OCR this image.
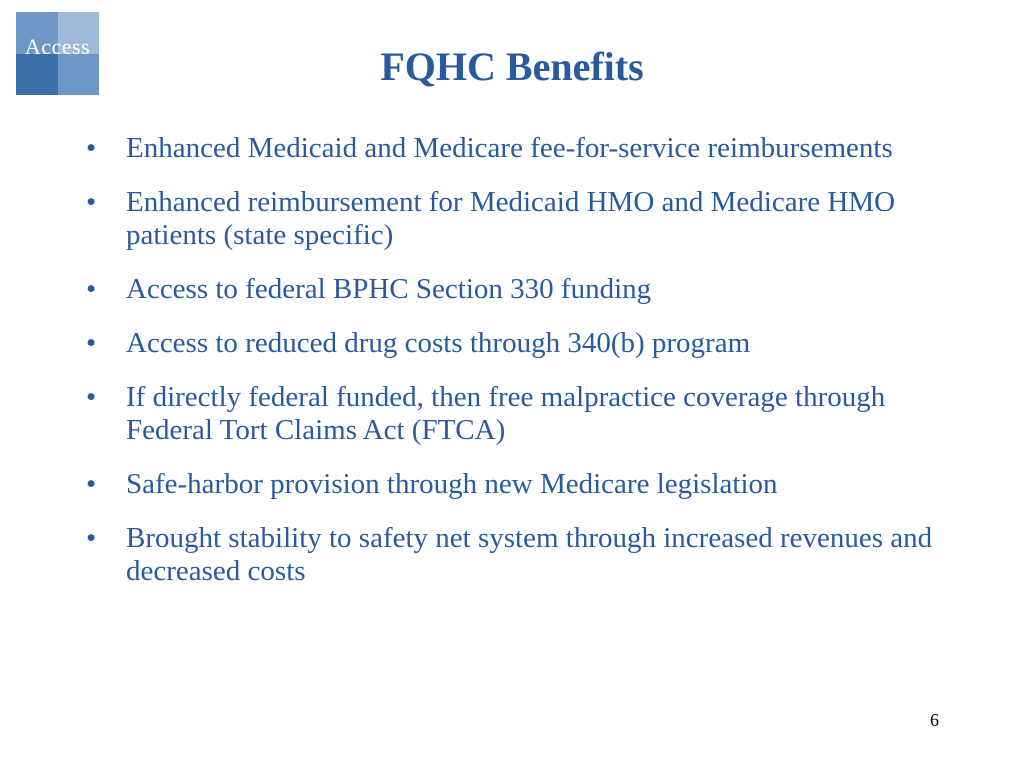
Access	FQHC Benefits
• Enhanced Medicaid and Medicare fee-for-service reimbursements
• Enhanced reimbursement for Medicaid HMO and Medicare HMO patients (state specific)
• Access to federal BPHC Section 330 funding
• Access to reduced drug costs through 340(b) program
• If directly federal funded, then free malpractice coverage through Federal Tort Claims Act (FTCA)
• Safe-harbor provision through new Medicare legislation
• Brought stability to safety net system through increased revenues and decreased costs
6
